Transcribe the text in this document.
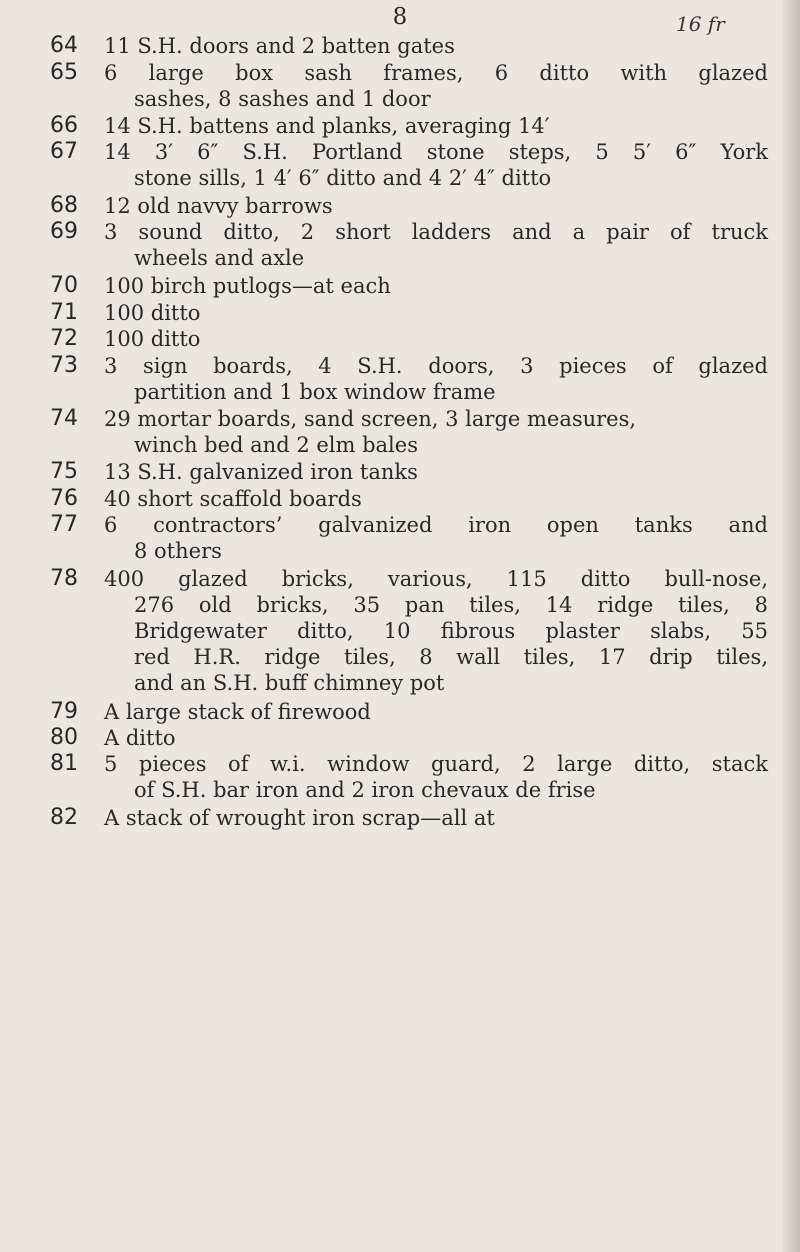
8	16 fr
64	11 S.H. doors and 2 batten gates
65	6 large box sash frames, 6 ditto with glazed
sashes, 8 sashes and 1 door
66	14 S.H. battens and planks, averaging 14′
67	14 3′ 6″ S.H. Portland stone steps, 5 5′ 6″ York
stone sills, 1 4′ 6″ ditto and 4 2′ 4″ ditto
68	12 old navvy barrows
69	3 sound ditto, 2 short ladders and a pair of truck
wheels and axle
70	100 birch putlogs—at each
71	100 ditto
72	100 ditto
73	3 sign boards, 4 S.H. doors, 3 pieces of glazed
partition and 1 box window frame
74	29 mortar boards, sand screen, 3 large measures,
winch bed and 2 elm bales
75	13 S.H. galvanized iron tanks
76	40 short scaffold boards
77	6 contractors’ galvanized iron open tanks and
8 others
78	400 glazed bricks, various, 115 ditto bull-nose,
276 old bricks, 35 pan tiles, 14 ridge tiles, 8
Bridgewater ditto, 10 fibrous plaster slabs, 55
red H.R. ridge tiles, 8 wall tiles, 17 drip tiles,
and an S.H. buff chimney pot
79	A large stack of firewood
80	A ditto
81	5 pieces of w.i. window guard, 2 large ditto, stack
of S.H. bar iron and 2 iron chevaux de frise
82	A stack of wrought iron scrap—all at
